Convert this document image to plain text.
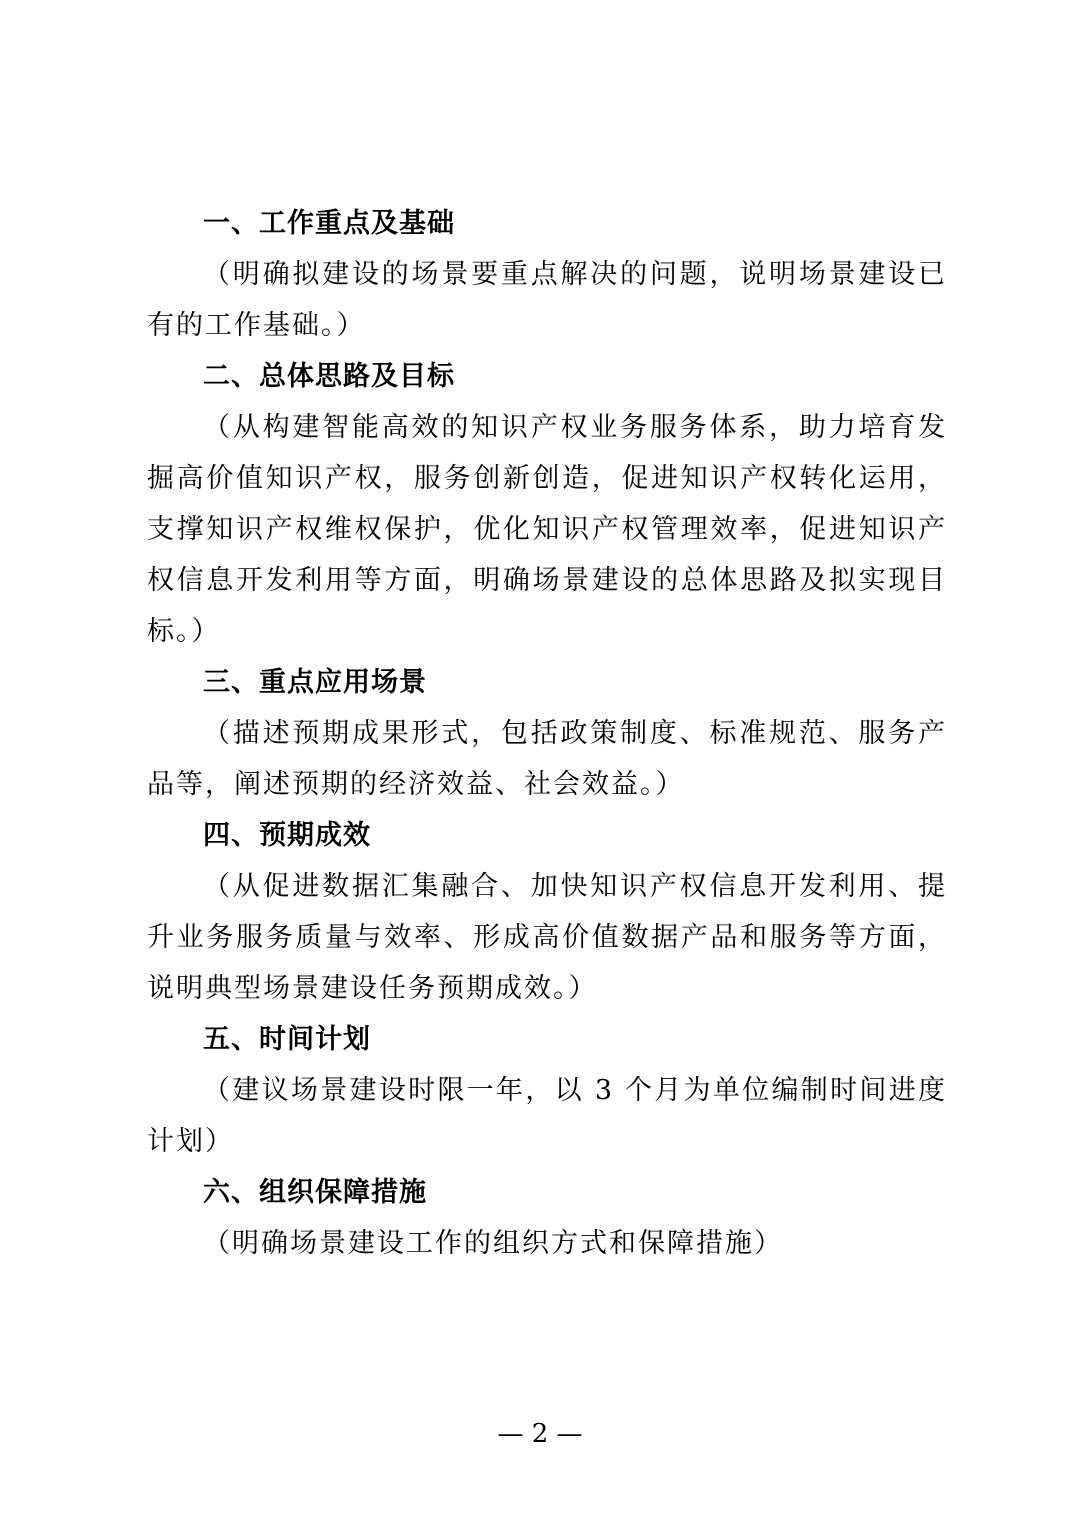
一、工作重点及基础

（明确拟建设的场景要重点解决的问题，说明场景建设已有的工作基础。）

二、总体思路及目标

（从构建智能高效的知识产权业务服务体系，助力培育发掘高价值知识产权，服务创新创造，促进知识产权转化运用，支撑知识产权维权保护，优化知识产权管理效率，促进知识产权信息开发利用等方面，明确场景建设的总体思路及拟实现目标。）

三、重点应用场景

（描述预期成果形式，包括政策制度、标准规范、服务产品等，阐述预期的经济效益、社会效益。）

四、预期成效

（从促进数据汇集融合、加快知识产权信息开发利用、提升业务服务质量与效率、形成高价值数据产品和服务等方面，说明典型场景建设任务预期成效。）

五、时间计划

（建议场景建设时限一年，以 3 个月为单位编制时间进度计划）

六、组织保障措施

（明确场景建设工作的组织方式和保障措施）

— 2 —
